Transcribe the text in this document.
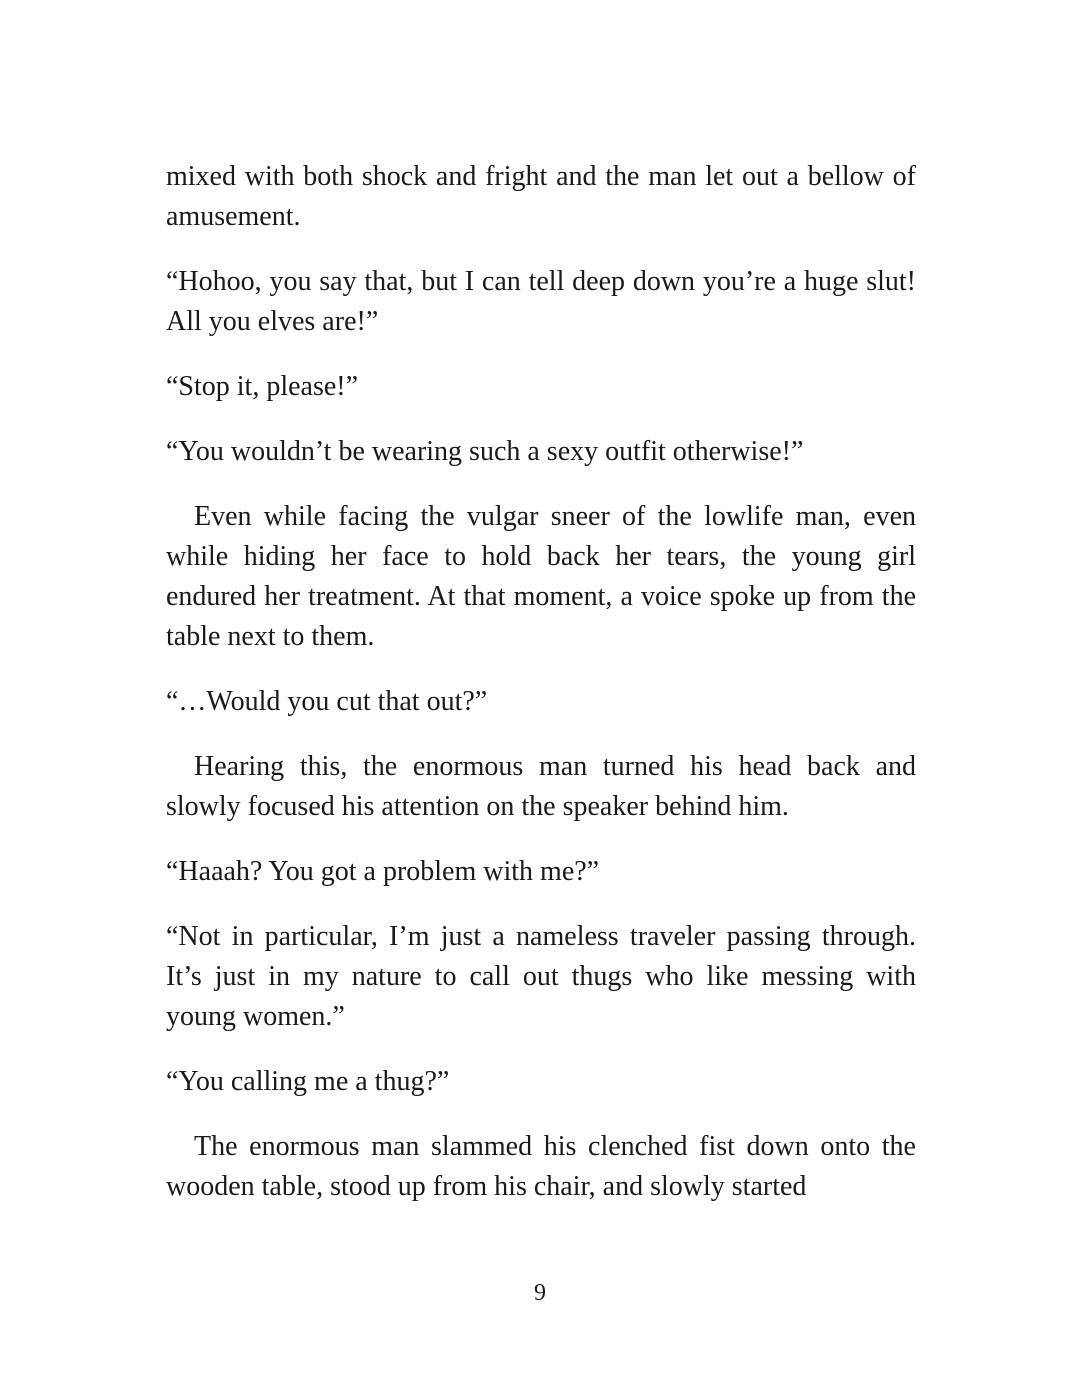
mixed with both shock and fright and the man let out a bellow of amusement.

“Hohoo, you say that, but I can tell deep down you’re a huge slut! All you elves are!”

“Stop it, please!”

“You wouldn’t be wearing such a sexy outfit otherwise!”

Even while facing the vulgar sneer of the lowlife man, even while hiding her face to hold back her tears, the young girl endured her treatment. At that moment, a voice spoke up from the table next to them.

“…Would you cut that out?”

Hearing this, the enormous man turned his head back and slowly focused his attention on the speaker behind him.

“Haaah? You got a problem with me?”

“Not in particular, I’m just a nameless traveler passing through. It’s just in my nature to call out thugs who like messing with young women.”

“You calling me a thug?”

The enormous man slammed his clenched fist down onto the wooden table, stood up from his chair, and slowly started

9
